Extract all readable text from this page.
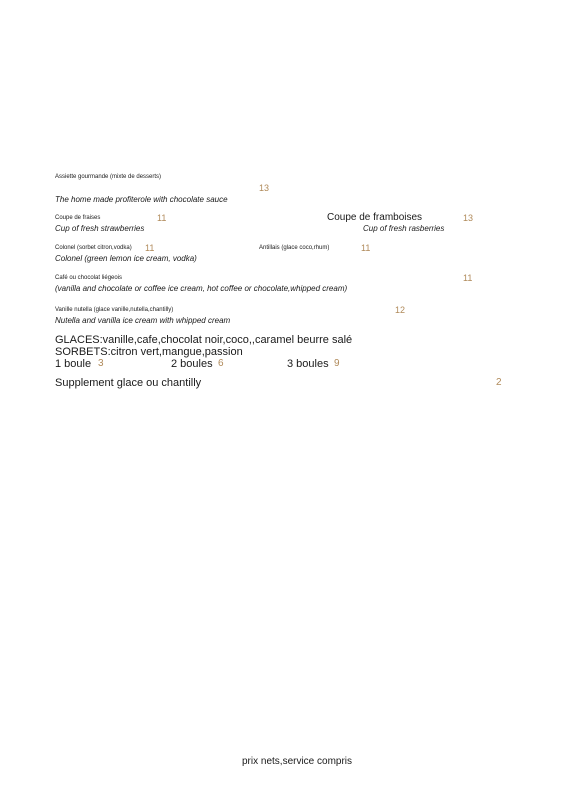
Assiette gourmande (mixte de desserts)
13
The home made profiterole with chocolate sauce
Coupe de fraises	11
Cup of fresh strawberries
Coupe de framboises	13
Cup of fresh rasberries
Colonel (sorbet citron,vodka) 11
Colonel (green lemon ice cream, vodka)
Antillais (glace coco,rhum)	11
Café ou chocolat liégeois	11
(vanilla and chocolate or coffee ice cream, hot coffee or chocolate,whipped cream)
Vanille nutella (glace vanille,nutella,chantilly)	12
Nutella and vanilla ice cream with whipped cream
GLACES:vanille,cafe,chocolat noir,coco,,caramel beurre salé
SORBETS:citron vert,mangue,passion
1 boule 3	2 boules 6	3 boules 9
Supplement glace ou chantilly	2
prix nets,service compris
